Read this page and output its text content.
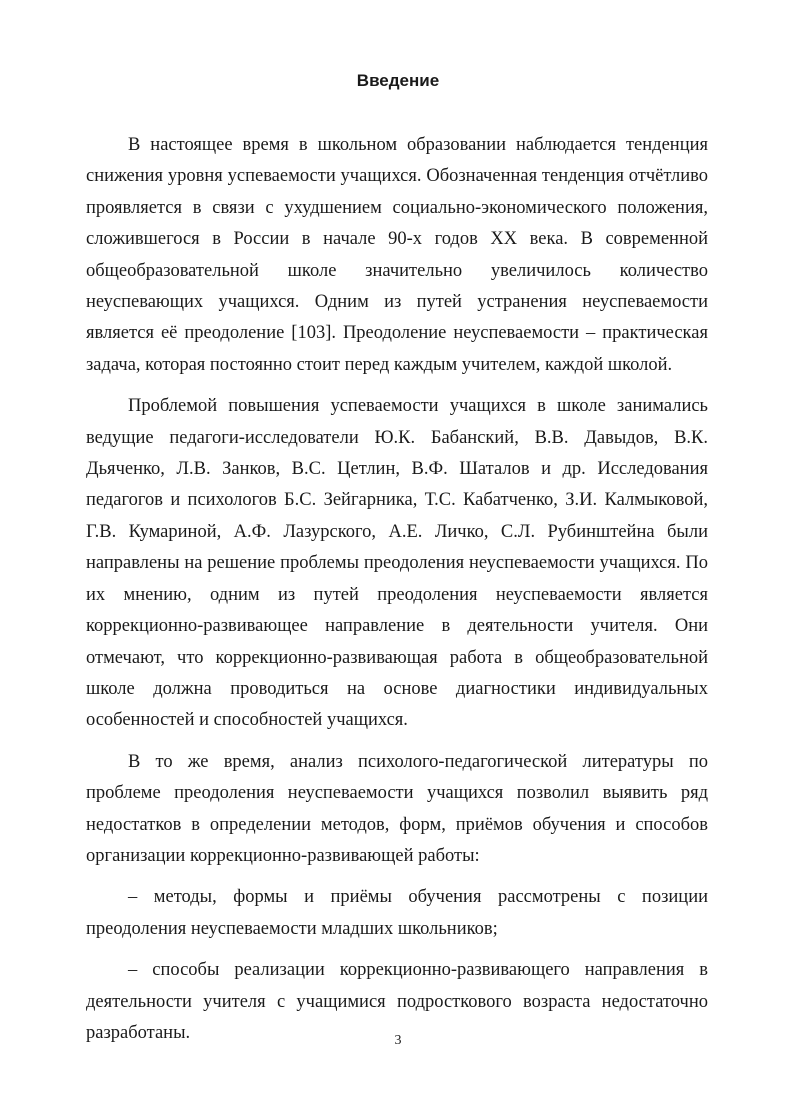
Введение

В настоящее время в школьном образовании наблюдается тенденция снижения уровня успеваемости учащихся. Обозначенная тенденция отчётливо проявляется в связи с ухудшением социально-экономического положения, сложившегося в России в начале 90-х годов XX века. В современной общеобразовательной школе значительно увеличилось количество неуспевающих учащихся. Одним из путей устранения неуспеваемости является её преодоление [103]. Преодоление неуспеваемости – практическая задача, которая постоянно стоит перед каждым учителем, каждой школой.

Проблемой повышения успеваемости учащихся в школе занимались ведущие педагоги-исследователи Ю.К. Бабанский, В.В. Давыдов, В.К. Дьяченко, Л.В. Занков, В.С. Цетлин, В.Ф. Шаталов и др. Исследования педагогов и психологов Б.С. Зейгарника, Т.С. Кабатченко, З.И. Калмыковой, Г.В. Кумариной, А.Ф. Лазурского, А.Е. Личко, С.Л. Рубинштейна были направлены на решение проблемы преодоления неуспеваемости учащихся. По их мнению, одним из путей преодоления неуспеваемости является коррекционно-развивающее направление в деятельности учителя. Они отмечают, что коррекционно-развивающая работа в общеобразовательной школе должна проводиться на основе диагностики индивидуальных особенностей и способностей учащихся.

В то же время, анализ психолого-педагогической литературы по проблеме преодоления неуспеваемости учащихся позволил выявить ряд недостатков в определении методов, форм, приёмов обучения и способов организации коррекционно-развивающей работы:

– методы, формы и приёмы обучения рассмотрены с позиции преодоления неуспеваемости младших школьников;

– способы реализации коррекционно-развивающего направления в деятельности учителя с учащимися подросткового возраста недостаточно разработаны.	3
